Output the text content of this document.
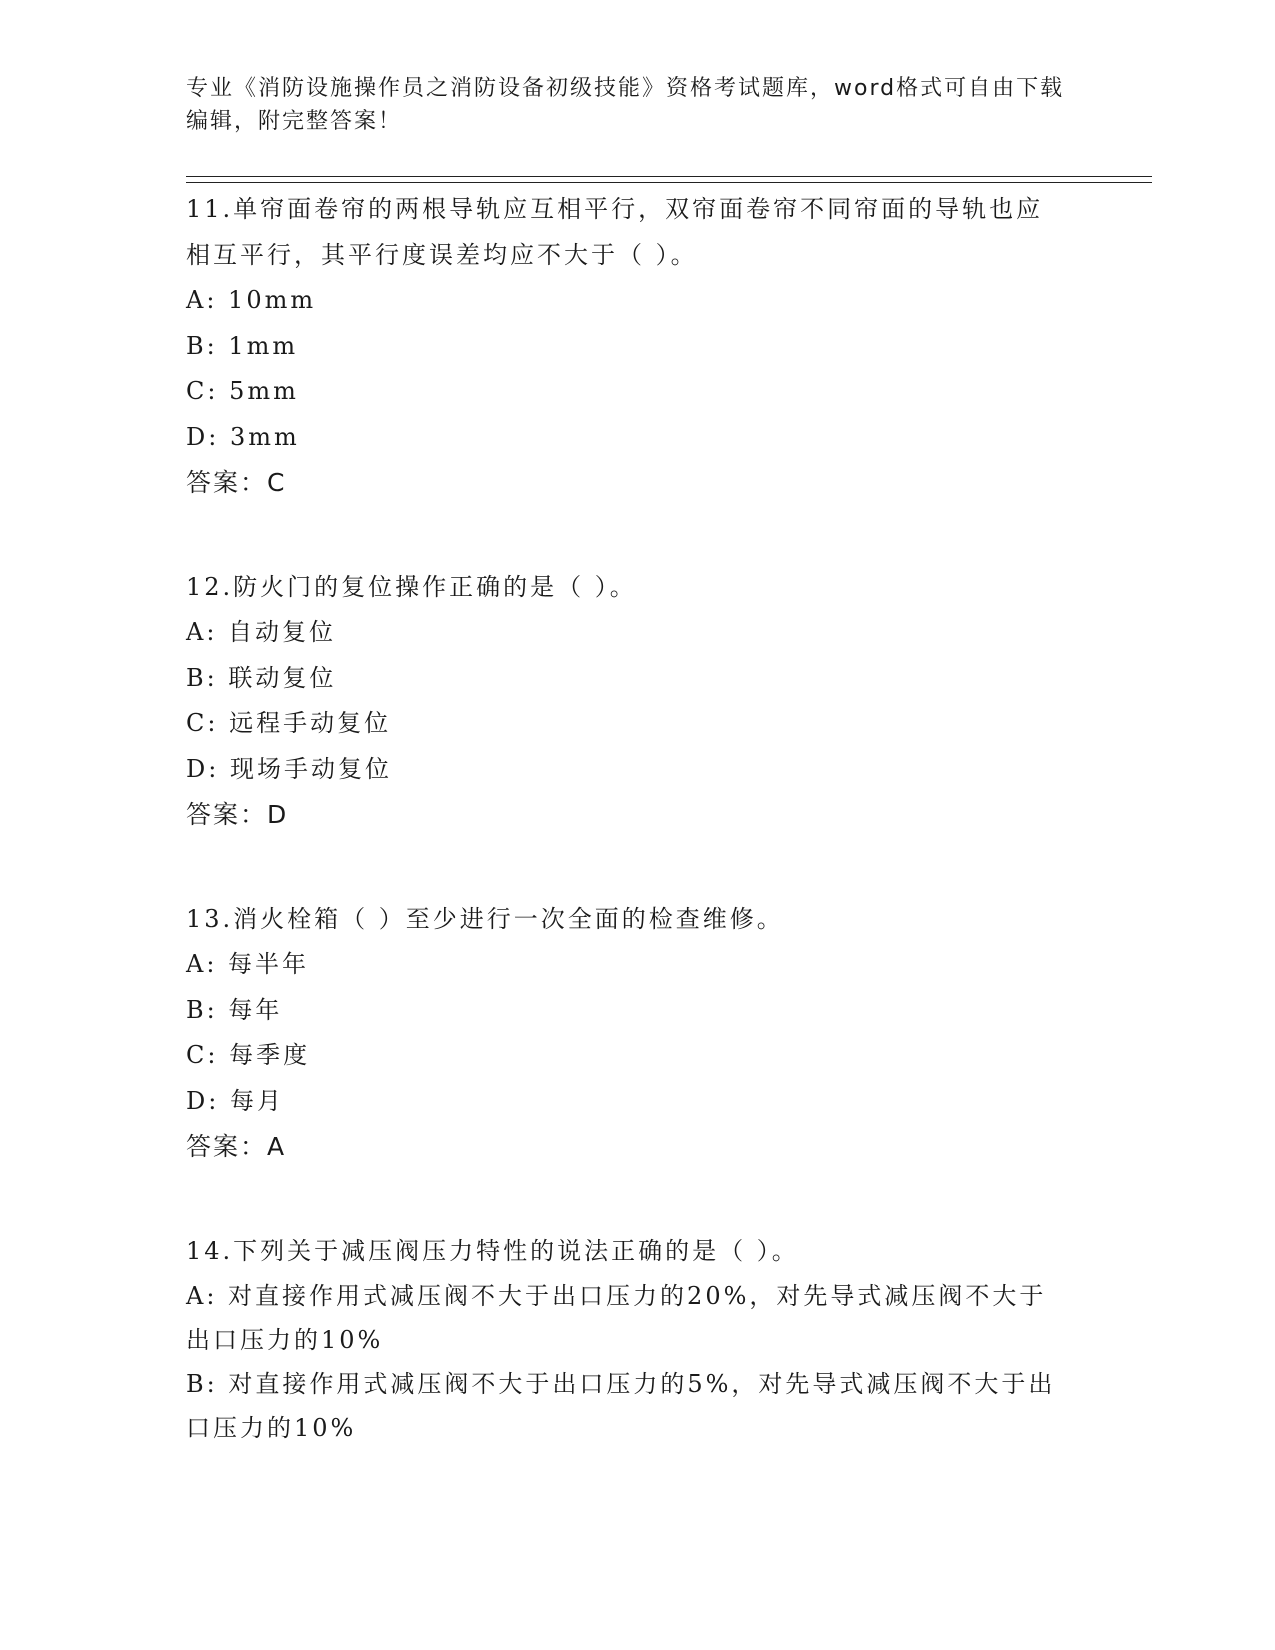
专业《消防设施操作员之消防设备初级技能》资格考试题库，word格式可自由下载编辑，附完整答案！

11.单帘面卷帘的两根导轨应互相平行，双帘面卷帘不同帘面的导轨也应相互平行，其平行度误差均应不大于（ ）。

A: 10mm

B: 1mm

C: 5mm

D: 3mm

答案：C

12.防火门的复位操作正确的是（ ）。

A: 自动复位

B: 联动复位

C: 远程手动复位

D: 现场手动复位

答案：D

13.消火栓箱（ ）至少进行一次全面的检查维修。

A: 每半年

B: 每年

C: 每季度

D: 每月

答案：A

14.下列关于减压阀压力特性的说法正确的是（ ）。

A: 对直接作用式减压阀不大于出口压力的20%，对先导式减压阀不大于出口压力的10%

B: 对直接作用式减压阀不大于出口压力的5%，对先导式减压阀不大于出口压力的10%
